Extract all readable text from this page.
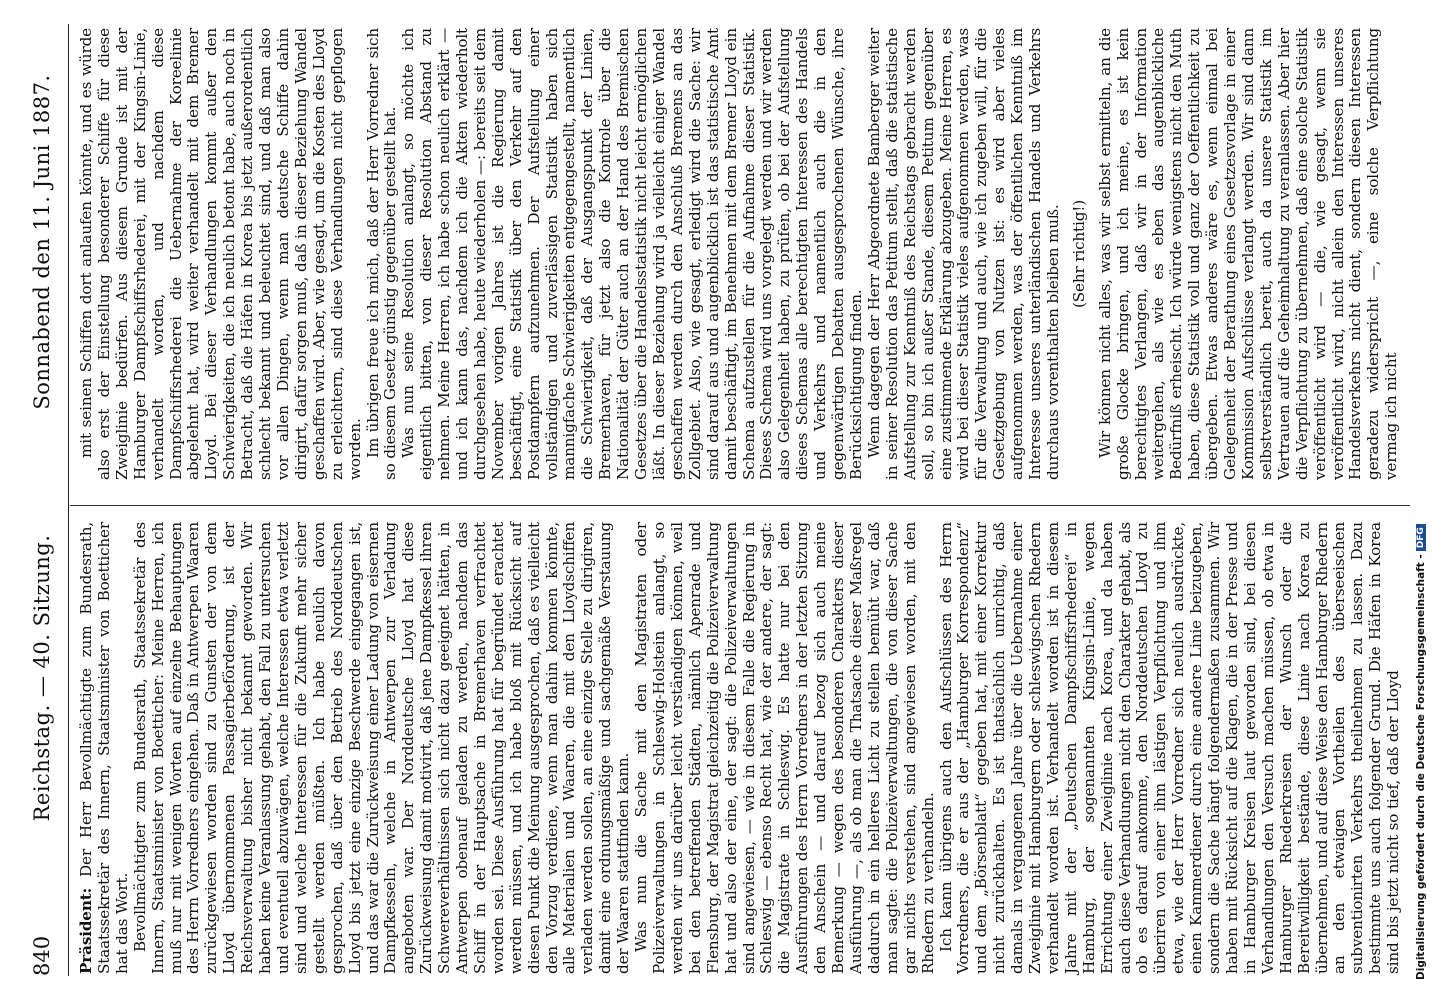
840
Reichstag. — 40. Sitzung.
Sonnabend den 11. Juni 1887.

Präsident: Der Herr Bevollmächtigte zum Bundesrath, Staatssekretär des Innern, Staatsminister von Boetticher hat das Wort. Bevollmächtigter zum Bundesrath, Staatssekretär des Innern, Staatsminister von Boetticher: Meine Herren, ich muß nur mit wenigen Worten auf einzelne Behauptungen des Herrn Vorredners eingehen. Daß in Antwerpen Waaren zurückgewiesen worden sind zu Gunsten der von dem Lloyd übernommenen Passagierbeförderung, ist der Reichsverwaltung bisher nicht bekannt geworden. Wir haben keine Veranlassung gehabt, den Fall zu untersuchen und eventuell abzuwägen, welche Interessen etwa verletzt sind und welche Interessen für die Zukunft mehr sicher gestellt werden müßten. Ich habe neulich davon gesprochen, daß über den Betrieb des Norddeutschen Lloyd bis jetzt eine einzige Beschwerde eingegangen ist, und das war die Zurückweisung einer Ladung von eisernen Dampfkesseln, welche in Antwerpen zur Verladung angeboten war. Der Norddeutsche Lloyd hat diese Zurückweisung damit motivirt, daß jene Dampfkessel ihren Schwereverhältnissen sich nicht dazu geeignet hätten, in Antwerpen obenauf geladen zu werden, nachdem das Schiff in der Hauptsache in Bremerhaven verfrachtet worden sei. Diese Ausführung hat für begründet erachtet werden müssen, und ich habe bloß mit Rücksicht auf diesen Punkt die Meinung ausgesprochen, daß es vielleicht den Vorzug verdiene, wenn man dahin kommen könnte, alle Materialien und Waaren, die mit den Lloydschiffen verladen werden sollen, an eine einzige Stelle zu dirigiren, damit eine ordnungsmäßige und sachgemäße Verstauung der Waaren stattfinden kann. Was nun die Sache mit den Magistraten oder Polizeiverwaltungen in Schleswig-Holstein anlangt, so werden wir uns darüber leicht verständigen können, weil bei den betreffenden Städten, nämlich Apenrade und Flensburg, der Magistrat gleichzeitig die Polizeiverwaltung hat und also der eine, der sagt: die Polizeiverwaltungen sind angewiesen, — wie in diesem Falle die Regierung in Schleswig — ebenso Recht hat, wie der andere, der sagt: die Magistrate in Schleswig. Es hatte nur bei den Ausführungen des Herrn Vorredners in der letzten Sitzung den Anschein — und darauf bezog sich auch meine Bemerkung — wegen des besonderen Charakters dieser Ausführung —, als ob man die Thatsache dieser Maßregel dadurch in ein helleres Licht zu stellen bemüht war, daß man sagte: die Polizeiverwaltungen, die von dieser Sache gar nichts verstehen, sind angewiesen worden, mit den Rhedern zu verhandeln. Ich kann übrigens auch den Aufschlüssen des Herrn Vorredners, die er aus der „Hamburger Korrespondenz“ und dem „Börsenblatt“ gegeben hat, mit einer Korrektur nicht zurückhalten. Es ist thatsächlich unrichtig, daß damals in vergangenen Jahre über die Uebernahme einer Zweiglinie mit Hamburgern oder schleswigschen Rhedern verhandelt worden ist. Verhandelt worden ist in diesem Jahre mit der „Deutschen Dampfschiffsrhederei“ in Hamburg, der sogenannten Kingsin-Linie, wegen Errichtung einer Zweiglinie nach Korea, und da haben auch diese Verhandlungen nicht den Charakter gehabt, als ob es darauf ankomme, den Norddeutschen Lloyd zu überiren von einer ihm lästigen Verpflichtung und ihm etwa, wie der Herr Vorredner sich neulich ausdrückte, einen Kammerdiener durch eine andere Linie beizugeben, sondern die Sache hängt folgendermaßen zusammen. Wir haben mit Rücksicht auf die Klagen, die in der Presse und in Hamburger Kreisen laut geworden sind, bei diesen Verhandlungen den Versuch machen müssen, ob etwa in Hamburger Rhederkreisen der Wunsch oder die Bereitwilligkeit bestände, diese Linie nach Korea zu übernehmen, und auf diese Weise den Hamburger Rhedern an den etwaigen Vortheilen des überseeischen subventionirten Verkehrs theilnehmen zu lassen. Dazu bestimmte uns auch folgender Grund. Die Häfen in Korea sind bis jetzt nicht so tief, daß der Lloyd

mit seinen Schiffen dort anlaufen könnte, und es würde also erst der Einstellung besonderer Schiffe für diese Zweiglinie bedürfen. Aus diesem Grunde ist mit der Hamburger Dampfschiffsrhederei, mit der Kingsin-Linie, verhandelt worden, und nachdem diese Dampfschiffsrhederei die Uebernahme der Koreelinie abgelehnt hat, wird weiter verhandelt mit dem Bremer Lloyd. Bei dieser Verhandlungen kommt außer den Schwierigkeiten, die ich neulich betont habe, auch noch in Betracht, daß die Häfen in Korea bis jetzt außerordentlich schlecht bekannt und beleuchtet sind, und daß man also vor allen Dingen, wenn man deutsche Schiffe dahin dirigirt, dafür sorgen muß, daß in dieser Beziehung Wandel geschaffen wird. Aber, wie gesagt, um die Kosten des Lloyd zu erleichtern, sind diese Verhandlungen nicht gepflogen worden. Im übrigen freue ich mich, daß der Herr Vorredner sich so diesem Gesetz günstig gegenüber gestellt hat. Was nun seine Resolution anlangt, so möchte ich eigentlich bitten, von dieser Resolution Abstand zu nehmen. Meine Herren, ich habe schon neulich erklärt — und ich kann das, nachdem ich die Akten wiederholt durchgesehen habe, heute wiederholen —: bereits seit dem November vorigen Jahres ist die Regierung damit beschäftigt, eine Statistik über den Verkehr auf den Postdampfern aufzunehmen. Der Aufstellung einer vollständigen und zuverlässigen Statistik haben sich mannigfache Schwierigkeiten entgegengestellt, namentlich die Schwierigkeit, daß der Ausgangspunkt der Linien, Bremerhaven, für jetzt also die Kontrole über die Nationalität der Güter auch an der Hand des Bremischen Gesetzes über die Handelsstatistik nicht leicht ermöglichen läßt. In dieser Beziehung wird ja vielleicht einiger Wandel geschaffen werden durch den Anschluß Bremens an das Zollgebiet. Also, wie gesagt, erledigt wird die Sache: wir sind darauf aus und augenblicklich ist das statistische Amt damit beschäftigt, im Benehmen mit dem Bremer Lloyd ein Schema aufzustellen für die Aufnahme dieser Statistik. Dieses Schema wird uns vorgelegt werden und wir werden also Gelegenheit haben, zu prüfen, ob bei der Aufstellung dieses Schemas alle berechtigten Interessen des Handels und Verkehrs und namentlich auch die in den gegenwärtigen Debatten ausgesprochenen Wünsche, ihre Berücksichtigung finden. Wenn dagegen der Herr Abgeordnete Bamberger weiter in seiner Resolution das Petitum stellt, daß die statistische Aufstellung zur Kenntniß des Reichstags gebracht werden soll, so bin ich außer Stande, diesem Petitum gegenüber eine zustimmende Erklärung abzugeben. Meine Herren, es wird bei dieser Statistik vieles aufgenommen werden, was für die Verwaltung und auch, wie ich zugeben will, für die Gesetzgebung von Nutzen ist: es wird aber vieles aufgenommen werden, was der öffentlichen Kenntniß im Interesse unseres unterländischen Handels und Verkehrs durchaus vorenthalten bleiben muß. (Sehr richtig!) Wir können nicht alles, was wir selbst ermitteln, an die große Glocke bringen, und ich meine, es ist kein berechtigtes Verlangen, daß wir in der Information weitergehen, als wie es eben das augenblickliche Bedürfniß erheischt. Ich würde wenigstens nicht den Muth haben, diese Statistik voll und ganz der Oeffentlichkeit zu übergeben. Etwas anderes wäre es, wenn einmal bei Gelegenheit der Berathung eines Gesetzesvorlage in einer Kommission Aufschlüsse verlangt werden. Wir sind dann selbstverständlich bereit, auch da unsere Statistik im Vertrauen auf die Geheimhaltung zu veranlassen. Aber hier die Verpflichtung zu übernehmen, daß eine solche Statistik veröffentlicht wird — die, wie gesagt, wenn sie veröffentlicht wird, nicht allein den Interessen unseres Handelsverkehrs nicht dient, sondern diesen Interessen geradezu widerspricht —, eine solche Verpflichtung vermag ich nicht

Digitalisierung gefördert durch die Deutsche Forschungsgemeinschaft -
DFG
